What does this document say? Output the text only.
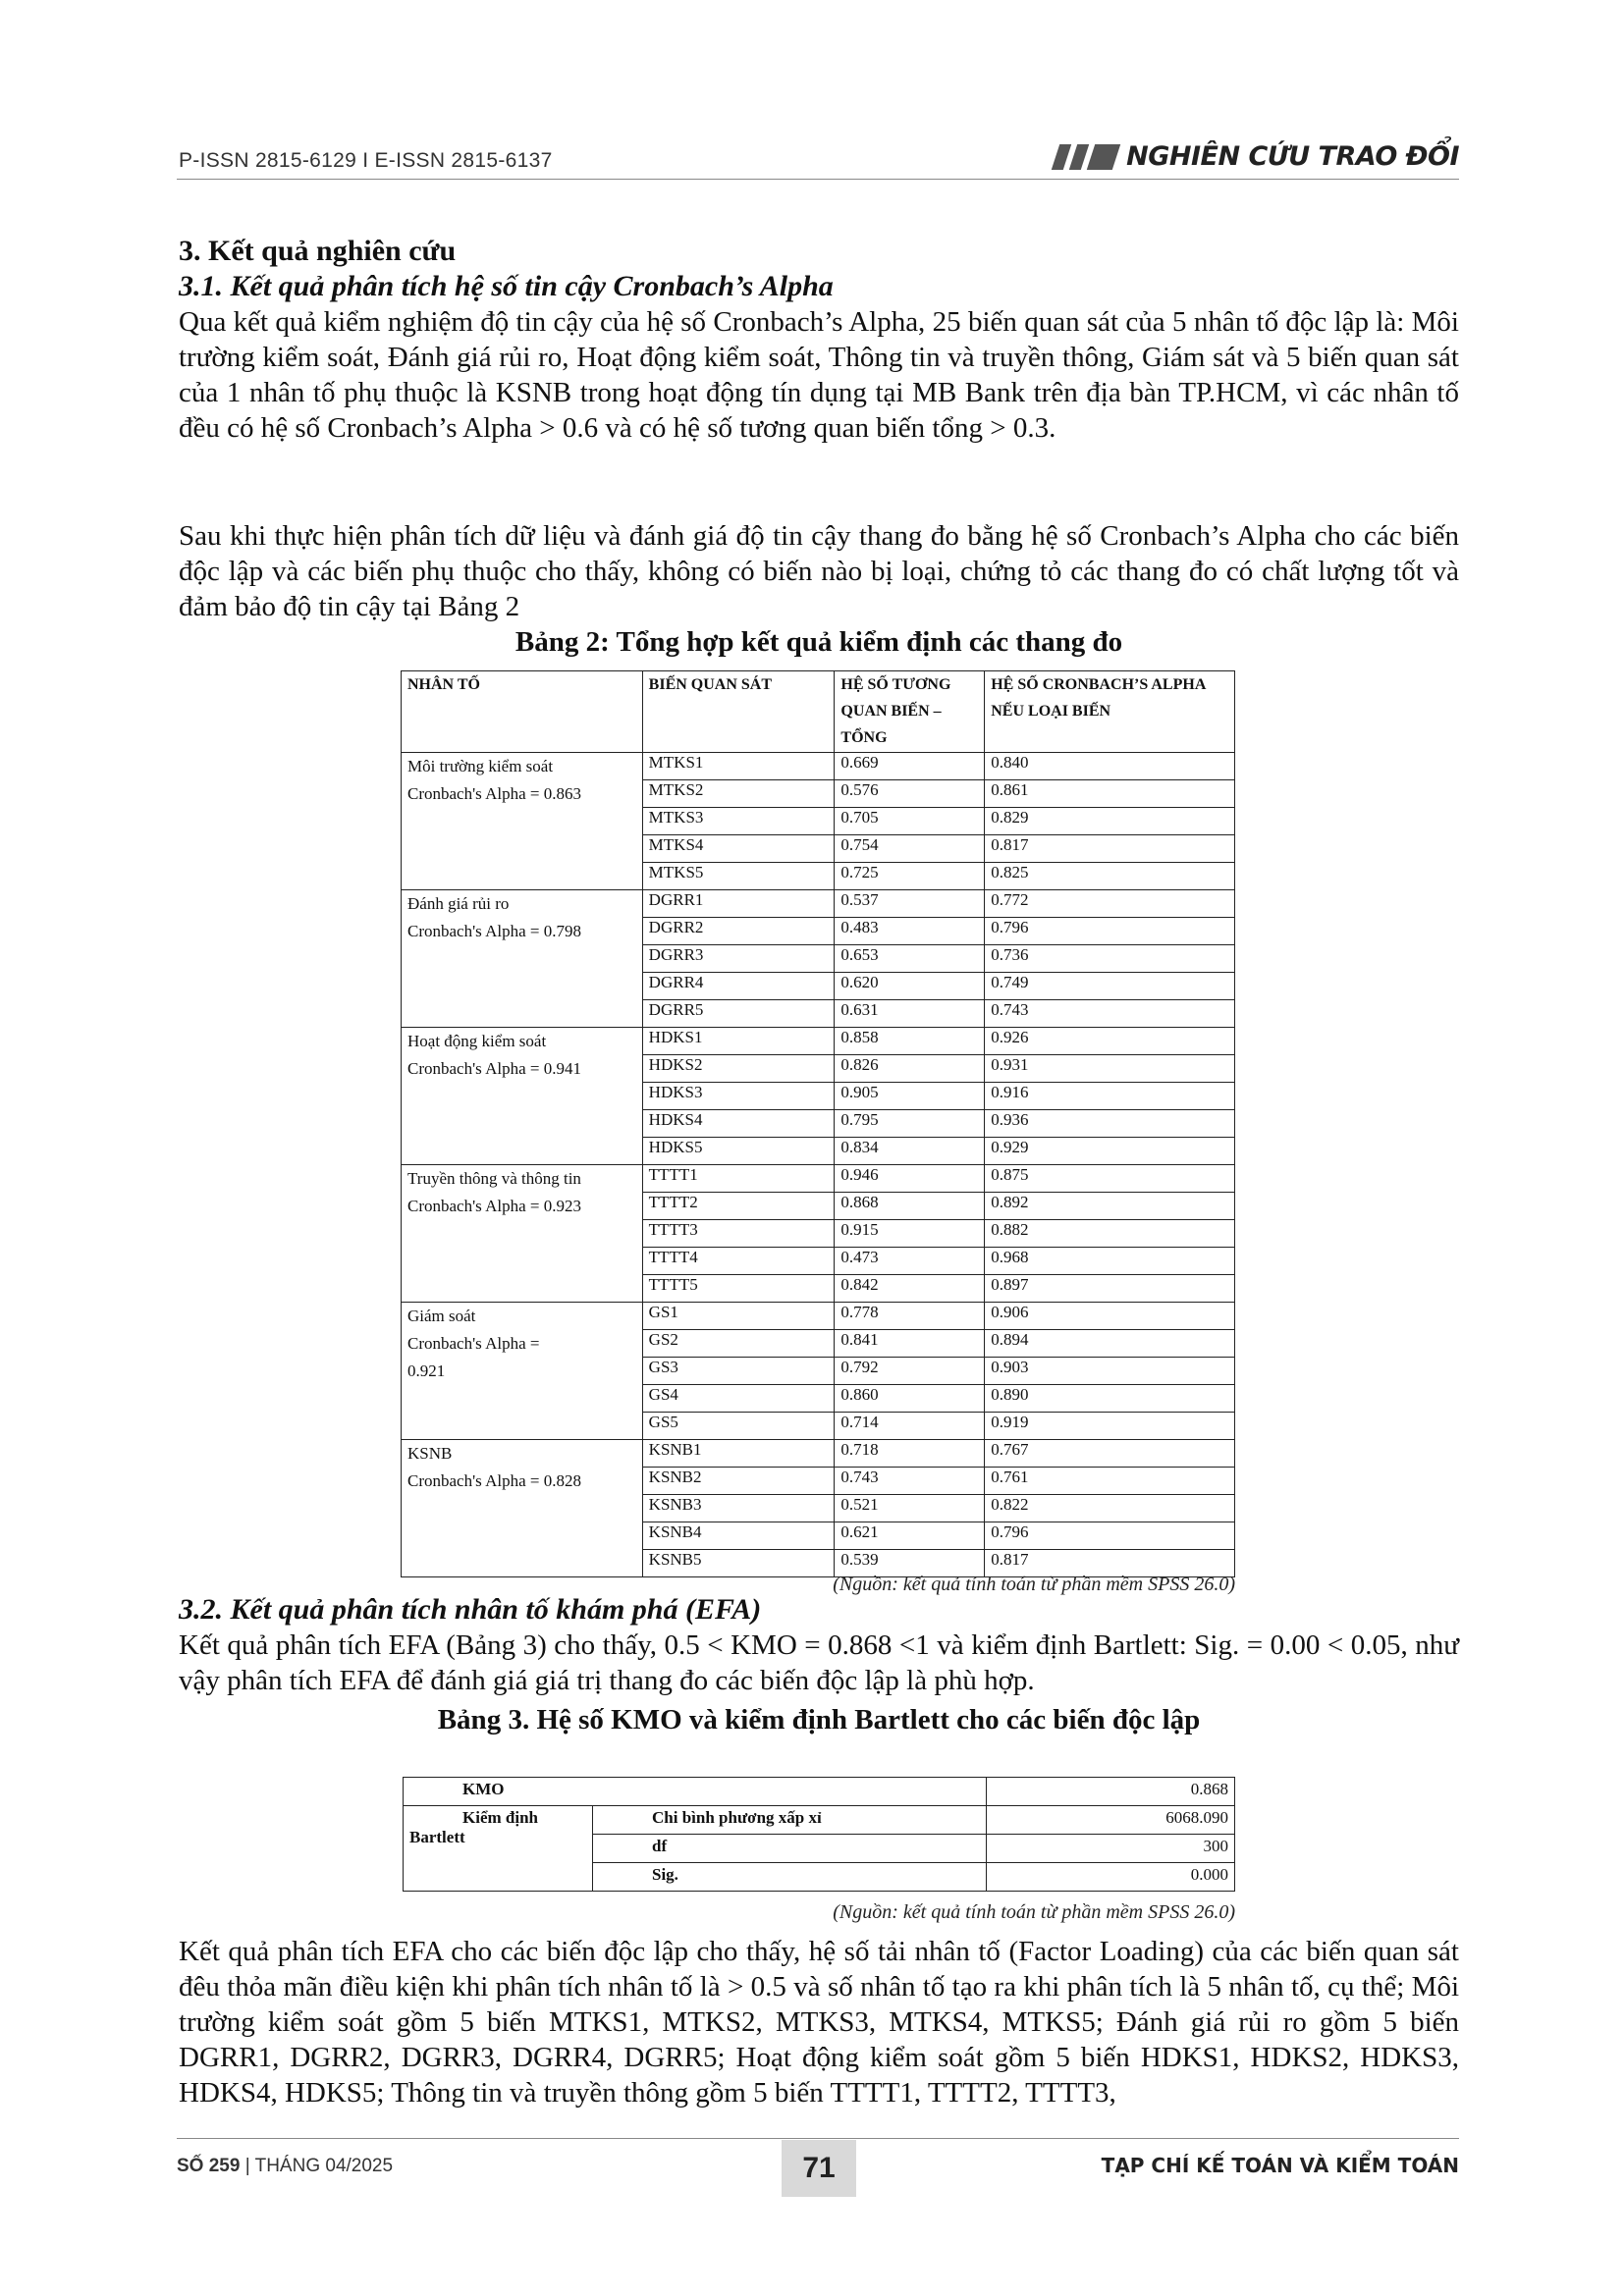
P-ISSN 2815-6129 I E-ISSN 2815-6137	NGHIÊN CỨU TRAO ĐỔI
3. Kết quả nghiên cứu
3.1. Kết quả phân tích hệ số tin cậy Cronbach’s Alpha

Qua kết quả kiểm nghiệm độ tin cậy của hệ số Cronbach’s Alpha, 25 biến quan sát của 5 nhân tố độc lập là: Môi trường kiểm soát, Đánh giá rủi ro, Hoạt động kiểm soát, Thông tin và truyền thông, Giám sát và 5 biến quan sát của 1 nhân tố phụ thuộc là KSNB trong hoạt động tín dụng tại MB Bank trên địa bàn TP.HCM, vì các nhân tố đều có hệ số Cronbach’s Alpha > 0.6 và có hệ số tương quan biến tổng > 0.3.

Sau khi thực hiện phân tích dữ liệu và đánh giá độ tin cậy thang đo bằng hệ số Cronbach’s Alpha cho các biến độc lập và các biến phụ thuộc cho thấy, không có biến nào bị loại, chứng tỏ các thang đo có chất lượng tốt và đảm bảo độ tin cậy tại Bảng 2

Bảng 2: Tổng hợp kết quả kiểm định các thang đo
NHÂN TỐ	BIẾN QUAN SÁT	HỆ SỐ TƯƠNG QUAN BIẾN – TỔNG	HỆ SỐ CRONBACH’S ALPHA NẾU LOẠI BIẾN

Môi trường kiểm soát
Cronbach's Alpha = 0.863	MTKS1	0.669	0.840
	MTKS2	0.576	0.861
	MTKS3	0.705	0.829
	MTKS4	0.754	0.817
	MTKS5	0.725	0.825

Đánh giá rủi ro
Cronbach's Alpha = 0.798	DGRR1	0.537	0.772
	DGRR2	0.483	0.796
	DGRR3	0.653	0.736
	DGRR4	0.620	0.749
	DGRR5	0.631	0.743

Hoạt động kiểm soát
Cronbach's Alpha = 0.941	HDKS1	0.858	0.926
	HDKS2	0.826	0.931
	HDKS3	0.905	0.916
	HDKS4	0.795	0.936
	HDKS5	0.834	0.929

Truyền thông và thông tin
Cronbach's Alpha = 0.923	TTTT1	0.946	0.875
	TTTT2	0.868	0.892
	TTTT3	0.915	0.882
	TTTT4	0.473	0.968
	TTTT5	0.842	0.897

Giám soát
Cronbach's Alpha =
0.921	GS1	0.778	0.906
	GS2	0.841	0.894
	GS3	0.792	0.903
	GS4	0.860	0.890
	GS5	0.714	0.919

KSNB
Cronbach's Alpha = 0.828	KSNB1	0.718	0.767
	KSNB2	0.743	0.761
	KSNB3	0.521	0.822
	KSNB4	0.621	0.796
	KSNB5	0.539	0.817
(Nguồn: kết quả tính toán từ phần mềm SPSS 26.0)
3.2. Kết quả phân tích nhân tố khám phá (EFA)

Kết quả phân tích EFA (Bảng 3) cho thấy, 0.5 < KMO = 0.868 <1 và kiểm định Bartlett: Sig. = 0.00 < 0.05, như vậy phân tích EFA để đánh giá giá trị thang đo các biến độc lập là phù hợp.

Bảng 3. Hệ số KMO và kiểm định Bartlett cho các biến độc lập
KMO		0.868

Kiểm định
Bartlett	Chi bình phương xấp xỉ	6068.090
	df	300
	Sig.	0.000
(Nguồn: kết quả tính toán từ phần mềm SPSS 26.0)

Kết quả phân tích EFA cho các biến độc lập cho thấy, hệ số tải nhân tố (Factor Loading) của các biến quan sát đêu thỏa mãn điều kiện khi phân tích nhân tố là > 0.5 và số nhân tố tạo ra khi phân tích là 5 nhân tố, cụ thể; Môi trường kiểm soát gồm 5 biến MTKS1, MTKS2, MTKS3, MTKS4, MTKS5; Đánh giá rủi ro gồm 5 biến DGRR1, DGRR2, DGRR3, DGRR4, DGRR5; Hoạt động kiểm soát gồm 5 biến HDKS1, HDKS2, HDKS3, HDKS4, HDKS5; Thông tin và truyền thông gồm 5 biến TTTT1, TTTT2, TTTT3,

SỐ 259 | THÁNG 04/2025	71	TẠP CHÍ KẾ TOÁN VÀ KIỂM TOÁN
